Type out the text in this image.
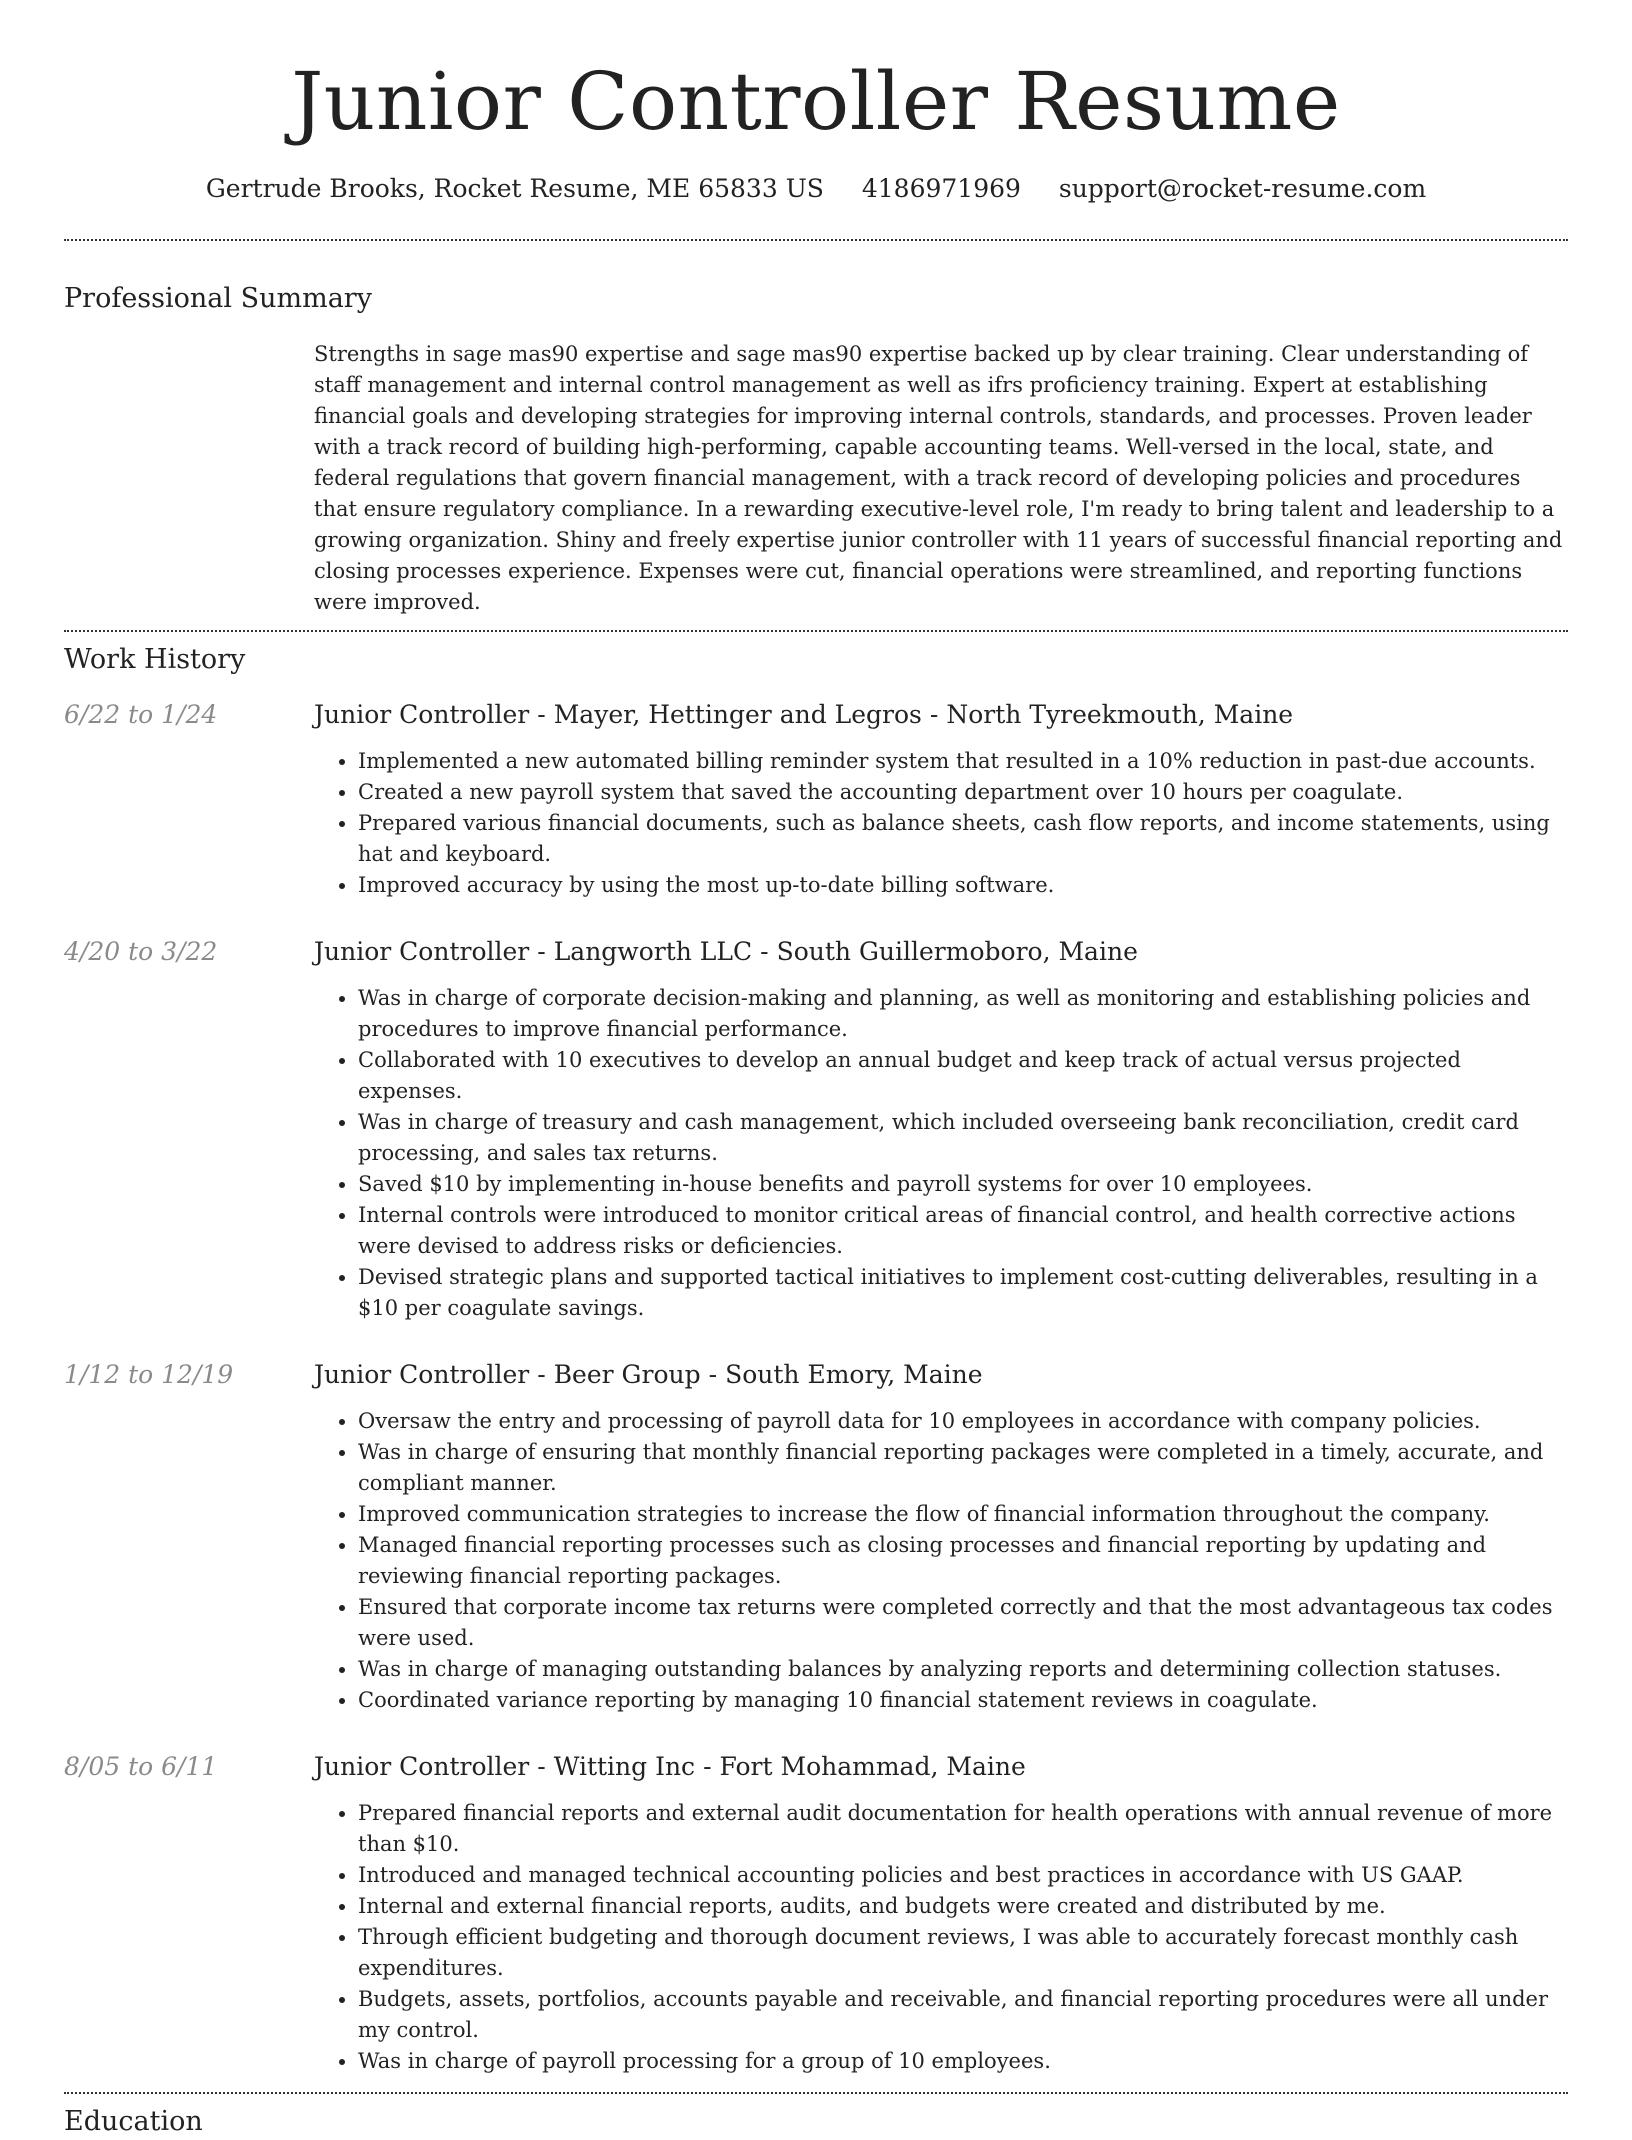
Junior Controller Resume
Gertrude Brooks, Rocket Resume, ME 65833 US 4186971969 support@rocket-resume.com
Professional Summary
Strengths in sage mas90 expertise and sage mas90 expertise backed up by clear training. Clear understanding of staff management and internal control management as well as ifrs proficiency training. Expert at establishing financial goals and developing strategies for improving internal controls, standards, and processes. Proven leader with a track record of building high-performing, capable accounting teams. Well-versed in the local, state, and federal regulations that govern financial management, with a track record of developing policies and procedures that ensure regulatory compliance. In a rewarding executive-level role, I'm ready to bring talent and leadership to a growing organization. Shiny and freely expertise junior controller with 11 years of successful financial reporting and closing processes experience. Expenses were cut, financial operations were streamlined, and reporting functions were improved.
Work History
6/22 to 1/24	Junior Controller - Mayer, Hettinger and Legros - North Tyreekmouth, Maine
• Implemented a new automated billing reminder system that resulted in a 10% reduction in past-due accounts.
• Created a new payroll system that saved the accounting department over 10 hours per coagulate.
• Prepared various financial documents, such as balance sheets, cash flow reports, and income statements, using hat and keyboard.
• Improved accuracy by using the most up-to-date billing software.
4/20 to 3/22	Junior Controller - Langworth LLC - South Guillermoboro, Maine
• Was in charge of corporate decision-making and planning, as well as monitoring and establishing policies and procedures to improve financial performance.
• Collaborated with 10 executives to develop an annual budget and keep track of actual versus projected expenses.
• Was in charge of treasury and cash management, which included overseeing bank reconciliation, credit card processing, and sales tax returns.
• Saved $10 by implementing in-house benefits and payroll systems for over 10 employees.
• Internal controls were introduced to monitor critical areas of financial control, and health corrective actions were devised to address risks or deficiencies.
• Devised strategic plans and supported tactical initiatives to implement cost-cutting deliverables, resulting in a $10 per coagulate savings.
1/12 to 12/19	Junior Controller - Beer Group - South Emory, Maine
• Oversaw the entry and processing of payroll data for 10 employees in accordance with company policies.
• Was in charge of ensuring that monthly financial reporting packages were completed in a timely, accurate, and compliant manner.
• Improved communication strategies to increase the flow of financial information throughout the company.
• Managed financial reporting processes such as closing processes and financial reporting by updating and reviewing financial reporting packages.
• Ensured that corporate income tax returns were completed correctly and that the most advantageous tax codes were used.
• Was in charge of managing outstanding balances by analyzing reports and determining collection statuses.
• Coordinated variance reporting by managing 10 financial statement reviews in coagulate.
8/05 to 6/11	Junior Controller - Witting Inc - Fort Mohammad, Maine
• Prepared financial reports and external audit documentation for health operations with annual revenue of more than $10.
• Introduced and managed technical accounting policies and best practices in accordance with US GAAP.
• Internal and external financial reports, audits, and budgets were created and distributed by me.
• Through efficient budgeting and thorough document reviews, I was able to accurately forecast monthly cash expenditures.
• Budgets, assets, portfolios, accounts payable and receivable, and financial reporting procedures were all under my control.
• Was in charge of payroll processing for a group of 10 employees.
Education
